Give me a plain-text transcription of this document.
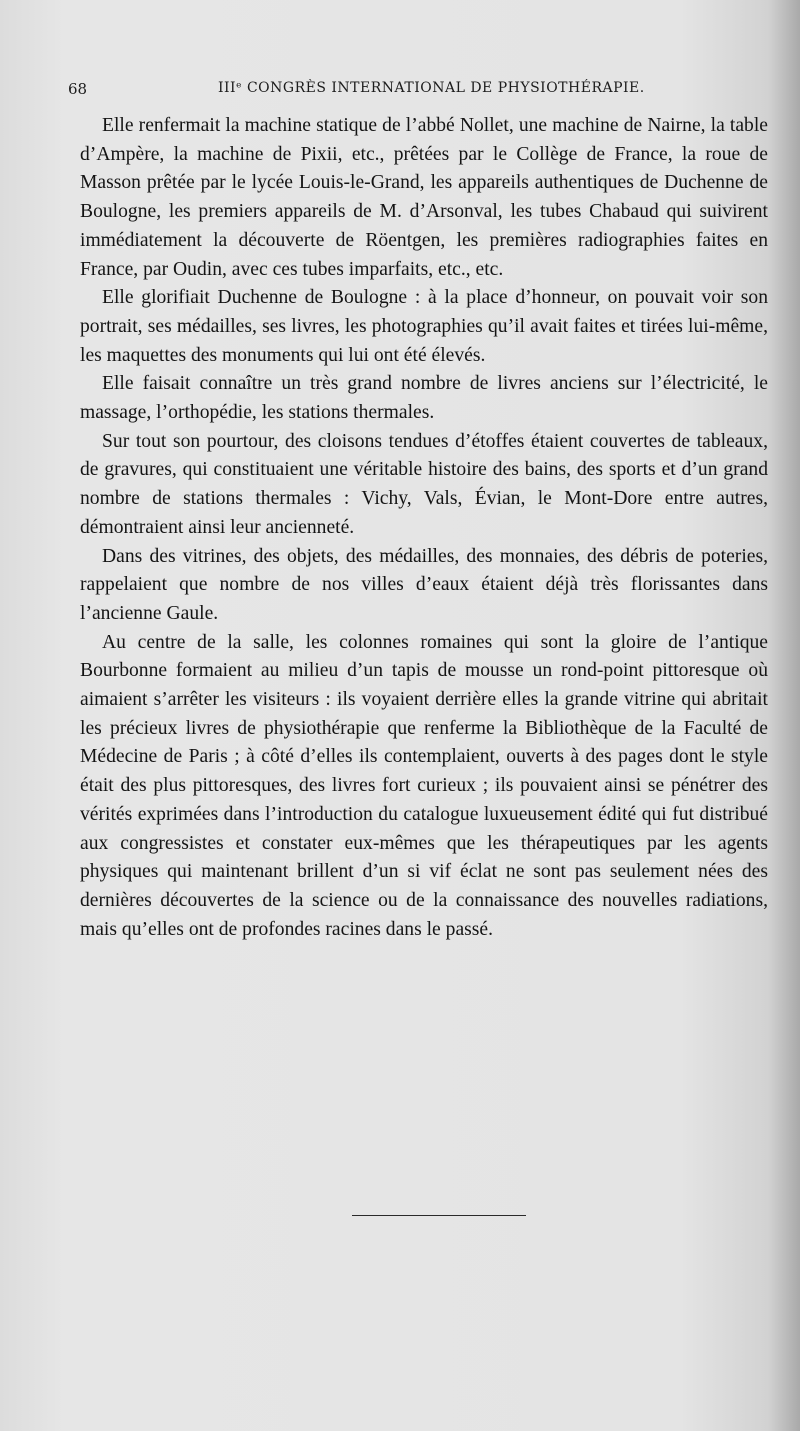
68	IIIᵉ CONGRÈS INTERNATIONAL DE PHYSIOTHÉRAPIE.

Elle renfermait la machine statique de l’abbé Nollet, une machine de Nairne, la table d’Ampère, la machine de Pixii, etc., prêtées par le Collège de France, la roue de Masson prêtée par le lycée Louis-le-Grand, les appareils authentiques de Duchenne de Boulogne, les premiers appareils de M. d’Arsonval, les tubes Chabaud qui suivirent immédiatement la découverte de Röentgen, les premières radiographies faites en France, par Oudin, avec ces tubes imparfaits, etc., etc.

Elle glorifiait Duchenne de Boulogne : à la place d’honneur, on pouvait voir son portrait, ses médailles, ses livres, les photographies qu’il avait faites et tirées lui-même, les maquettes des monuments qui lui ont été élevés.

Elle faisait connaître un très grand nombre de livres anciens sur l’électricité, le massage, l’orthopédie, les stations thermales.

Sur tout son pourtour, des cloisons tendues d’étoffes étaient couvertes de tableaux, de gravures, qui constituaient une véritable histoire des bains, des sports et d’un grand nombre de stations thermales : Vichy, Vals, Évian, le Mont-Dore entre autres, démontraient ainsi leur ancienneté.

Dans des vitrines, des objets, des médailles, des monnaies, des débris de poteries, rappelaient que nombre de nos villes d’eaux étaient déjà très florissantes dans l’ancienne Gaule.

Au centre de la salle, les colonnes romaines qui sont la gloire de l’antique Bourbonne formaient au milieu d’un tapis de mousse un rond-point pittoresque où aimaient s’arrêter les visiteurs : ils voyaient derrière elles la grande vitrine qui abritait les précieux livres de physiothérapie que renferme la Bibliothèque de la Faculté de Médecine de Paris ; à côté d’elles ils contemplaient, ouverts à des pages dont le style était des plus pittoresques, des livres fort curieux ; ils pouvaient ainsi se pénétrer des vérités exprimées dans l’introduction du catalogue luxueusement édité qui fut distribué aux congressistes et constater eux-mêmes que les thérapeutiques par les agents physiques qui maintenant brillent d’un si vif éclat ne sont pas seulement nées des dernières découvertes de la science ou de la connaissance des nouvelles radiations, mais qu’elles ont de profondes racines dans le passé.
